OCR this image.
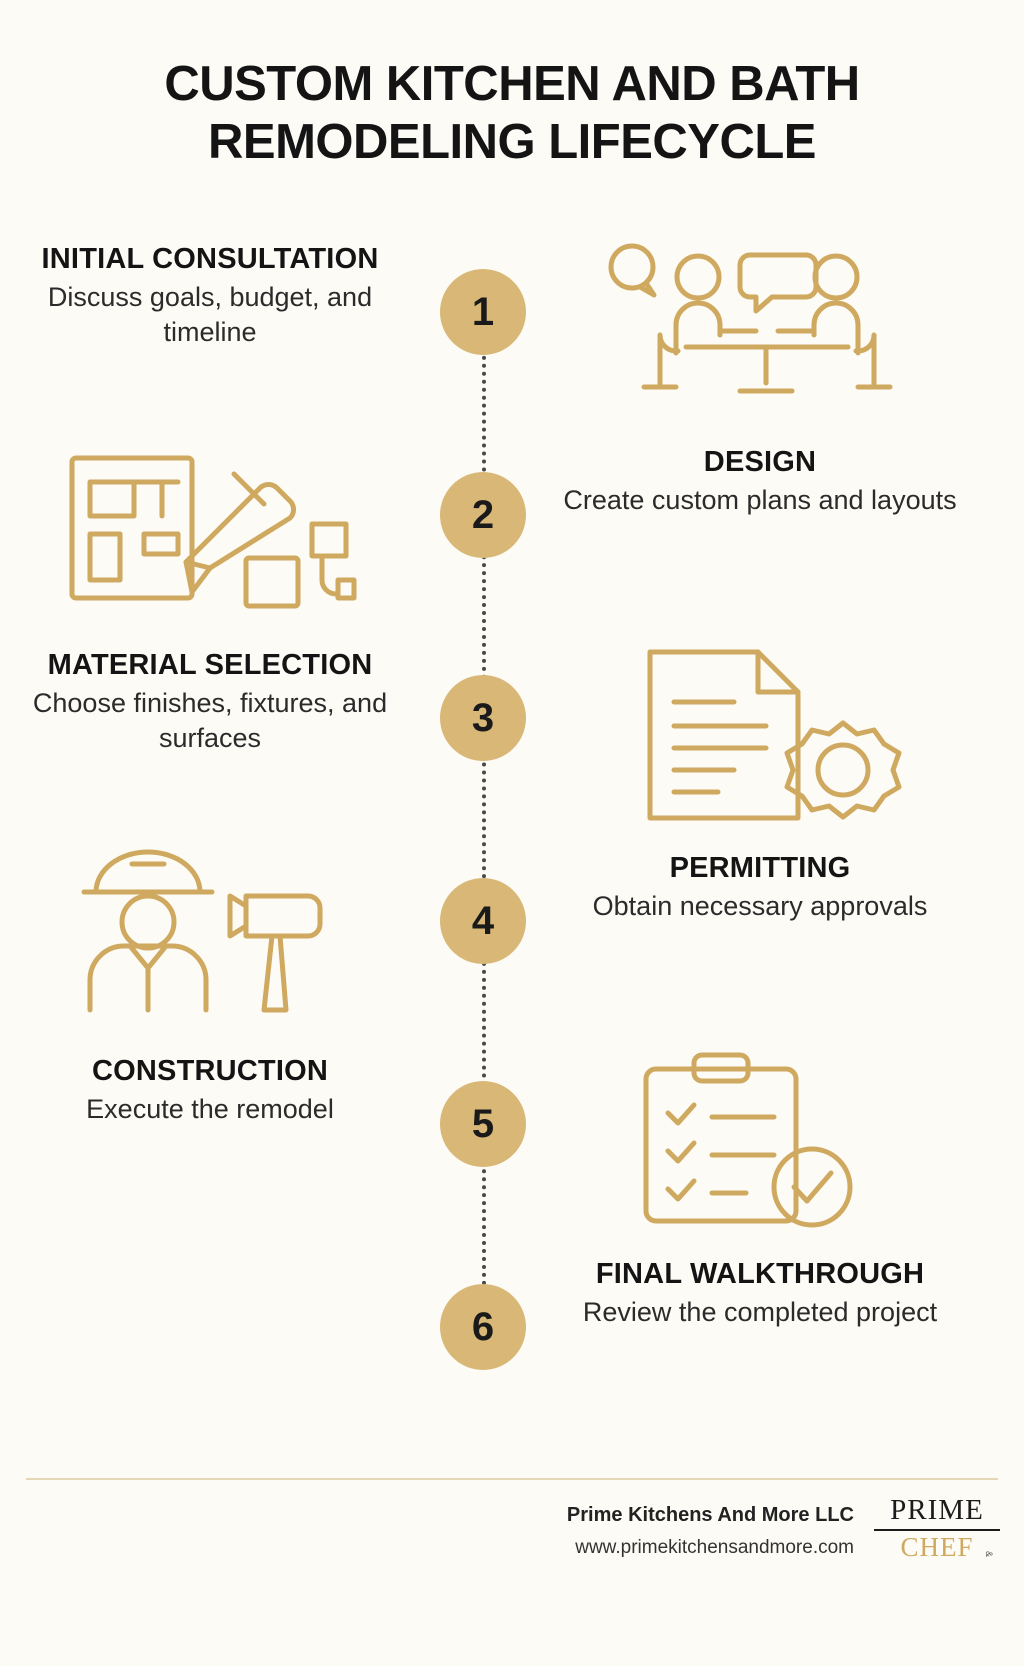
CUSTOM KITCHEN AND BATH REMODELING LIFECYCLE
1
INITIAL CONSULTATION
Discuss goals, budget, and timeline
2
DESIGN
Create custom plans and layouts
3
MATERIAL SELECTION
Choose finishes, fixtures, and surfaces
4
PERMITTING
Obtain necessary approvals
5
CONSTRUCTION
Execute the remodel
6
FINAL WALKTHROUGH
Review the completed project
Prime Kitchens And More LLC
www.primekitchensandmore.com
PRIME
CHEF	&
